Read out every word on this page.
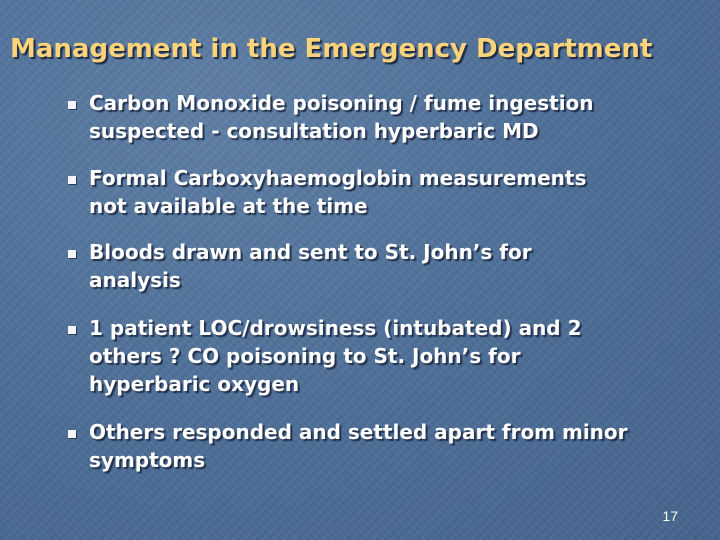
Management in the Emergency Department
Carbon Monoxide poisoning / fume ingestion
suspected - consultation hyperbaric MD
Formal Carboxyhaemoglobin measurements
not available at the time
Bloods drawn and sent to St. John’s for
analysis
1 patient LOC/drowsiness (intubated) and 2
others ? CO poisoning to St. John’s for
hyperbaric oxygen
Others responded and settled apart from minor
symptoms
17
